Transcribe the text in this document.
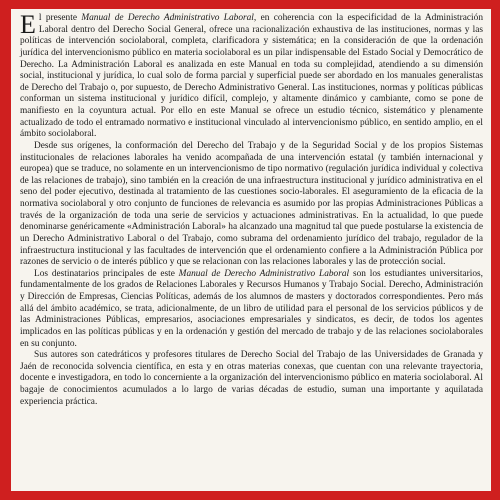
El presente Manual de Derecho Administrativo Laboral, en coherencia con la especificidad de la Administración Laboral dentro del Derecho Social General, ofrece una racionalización exhaustiva de las instituciones, normas y las políticas de intervención sociolaboral, completa, clarificadora y sistemática; en la consideración de que la ordenación jurídica del intervencionismo público en materia sociolaboral es un pilar indispensable del Estado Social y Democrático de Derecho. La Administración Laboral es analizada en este Manual en toda su complejidad, atendiendo a su dimensión social, institucional y jurídica, lo cual solo de forma parcial y superficial puede ser abordado en los manuales generalistas de Derecho del Trabajo o, por supuesto, de Derecho Administrativo General. Las instituciones, normas y políticas públicas conforman un sistema institucional y jurídico difícil, complejo, y altamente dinámico y cambiante, como se pone de manifiesto en la coyuntura actual. Por ello en este Manual se ofrece un estudio técnico, sistemático y plenamente actualizado de todo el entramado normativo e institucional vinculado al intervencionismo público, en sentido amplio, en el ámbito sociolaboral.

Desde sus orígenes, la conformación del Derecho del Trabajo y de la Seguridad Social y de los propios Sistemas institucionales de relaciones laborales ha venido acompañada de una intervención estatal (y también internacional y europea) que se traduce, no solamente en un intervencionismo de tipo normativo (regulación jurídica individual y colectiva de las relaciones de trabajo), sino también en la creación de una infraestructura institucional y jurídico administrativa en el seno del poder ejecutivo, destinada al tratamiento de las cuestiones socio-laborales. El aseguramiento de la eficacia de la normativa sociolaboral y otro conjunto de funciones de relevancia es asumido por las propias Administraciones Públicas a través de la organización de toda una serie de servicios y actuaciones administrativas. En la actualidad, lo que puede denominarse genéricamente «Administración Laboral» ha alcanzado una magnitud tal que puede postularse la existencia de un Derecho Administrativo Laboral o del Trabajo, como subrama del ordenamiento jurídico del trabajo, regulador de la infraestructura institucional y las facultades de intervención que el ordenamiento confiere a la Administración Pública por razones de servicio o de interés público y que se relacionan con las relaciones laborales y las de protección social.

Los destinatarios principales de este Manual de Derecho Administrativo Laboral son los estudiantes universitarios, fundamentalmente de los grados de Relaciones Laborales y Recursos Humanos y Trabajo Social. Derecho, Administración y Dirección de Empresas, Ciencias Políticas, además de los alumnos de masters y doctorados correspondientes. Pero más allá del ámbito académico, se trata, adicionalmente, de un libro de utilidad para el personal de los servicios públicos y de las Administraciones Públicas, empresarios, asociaciones empresariales y sindicatos, es decir, de todos los agentes implicados en las políticas públicas y en la ordenación y gestión del mercado de trabajo y de las relaciones sociolaborales en su conjunto.

Sus autores son catedráticos y profesores titulares de Derecho Social del Trabajo de las Universidades de Granada y Jaén de reconocida solvencia científica, en esta y en otras materias conexas, que cuentan con una relevante trayectoria, docente e investigadora, en todo lo concerniente a la organización del intervencionismo público en materia sociolaboral. Al bagaje de conocimientos acumulados a lo largo de varias décadas de estudio, suman una importante y aquilatada experiencia práctica.
